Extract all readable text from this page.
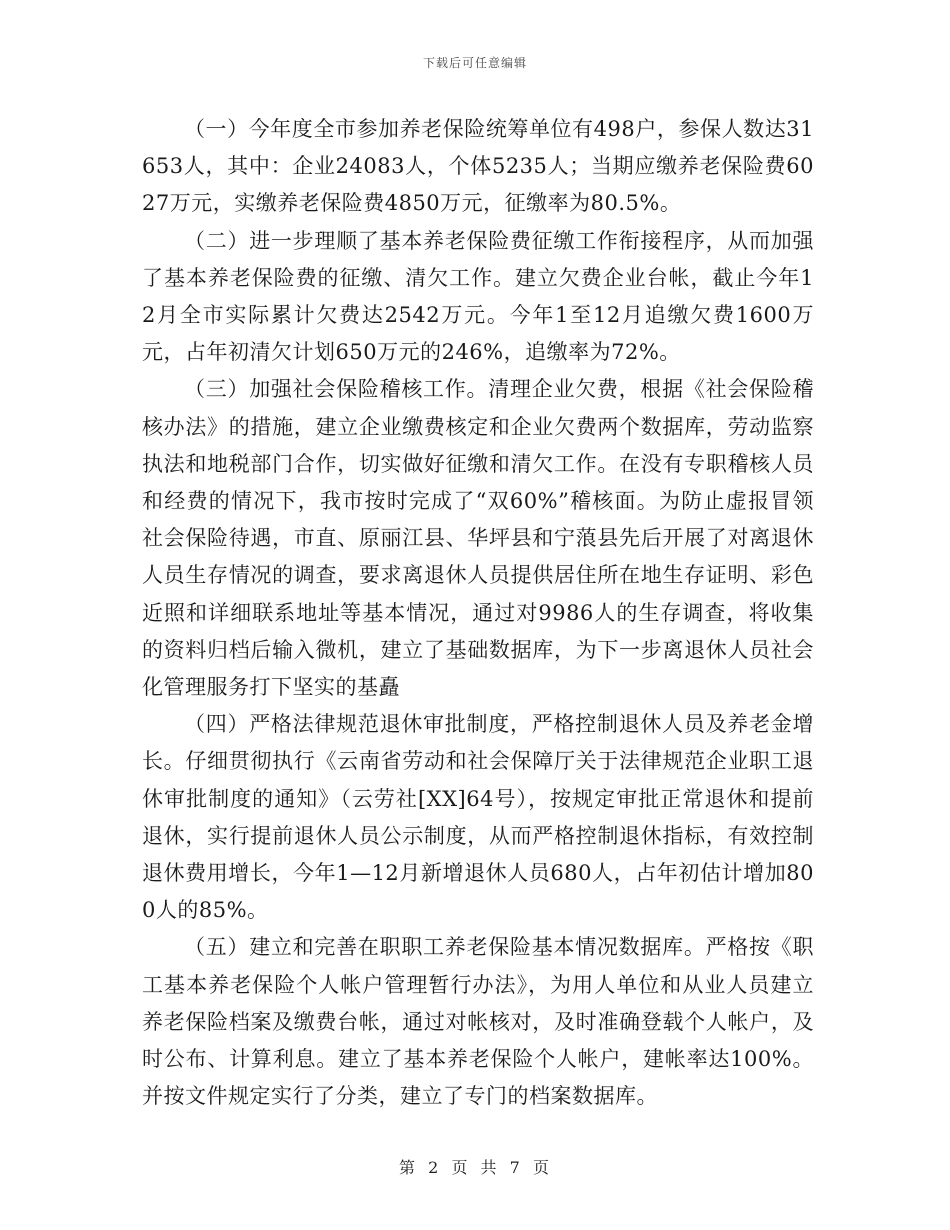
下载后可任意编辑

（一）今年度全市参加养老保险统筹单位有498户，参保人数达31653人，其中：企业24083人，个体5235人；当期应缴养老保险费6027万元，实缴养老保险费4850万元，征缴率为80.5%。

（二）进一步理顺了基本养老保险费征缴工作衔接程序，从而加强了基本养老保险费的征缴、清欠工作。建立欠费企业台帐，截止今年12月全市实际累计欠费达2542万元。今年1至12月追缴欠费1600万元，占年初清欠计划650万元的246%，追缴率为72%。

（三）加强社会保险稽核工作。清理企业欠费，根据《社会保险稽核办法》的措施，建立企业缴费核定和企业欠费两个数据库，劳动监察执法和地税部门合作，切实做好征缴和清欠工作。在没有专职稽核人员和经费的情况下，我市按时完成了“双60%”稽核面。为防止虚报冒领社会保险待遇，市直、原丽江县、华坪县和宁蒗县先后开展了对离退休人员生存情况的调查，要求离退休人员提供居住所在地生存证明、彩色近照和详细联系地址等基本情况，通过对9986人的生存调查，将收集的资料归档后输入微机，建立了基础数据库，为下一步离退休人员社会化管理服务打下坚实的基矗

（四）严格法律规范退休审批制度，严格控制退休人员及养老金增长。仔细贯彻执行《云南省劳动和社会保障厅关于法律规范企业职工退休审批制度的通知》（云劳社[XX]64号），按规定审批正常退休和提前退休，实行提前退休人员公示制度，从而严格控制退休指标，有效控制退休费用增长，今年1—12月新增退休人员680人，占年初估计增加800人的85%。

（五）建立和完善在职职工养老保险基本情况数据库。严格按《职工基本养老保险个人帐户管理暂行办法》，为用人单位和从业人员建立养老保险档案及缴费台帐，通过对帐核对，及时准确登载个人帐户，及时公布、计算利息。建立了基本养老保险个人帐户，建帐率达100%。并按文件规定实行了分类，建立了专门的档案数据库。

第 2 页 共 7 页
